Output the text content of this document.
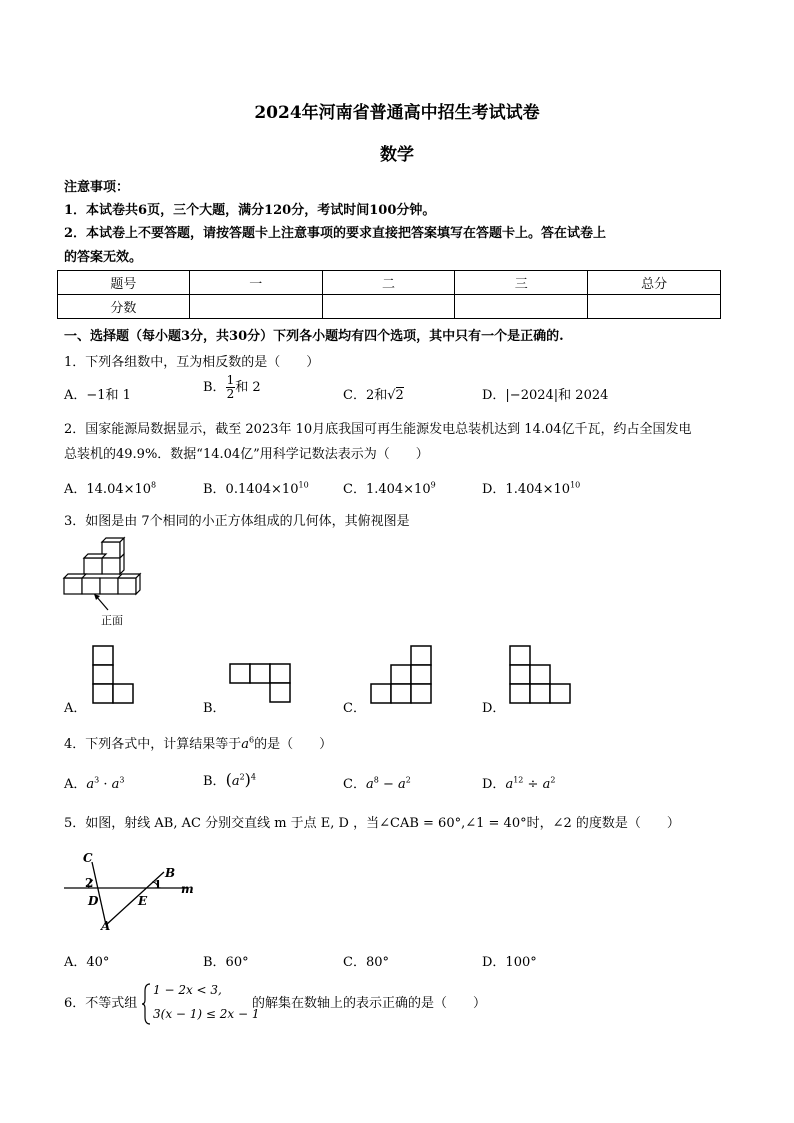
2024年河南省普通高中招生考试试卷
数学
注意事项：
1．本试卷共6页，三个大题，满分120分，考试时间100分钟。
2．本试卷上不要答题，请按答题卡上注意事项的要求直接把答案填写在答题卡上。答在试卷上
的答案无效。
题号	一	二	三	总分
分数				
一、选择题（每小题3分，共30分）下列各小题均有四个选项，其中只有一个是正确的.
1．下列各组数中，互为相反数的是（　　）
A．−1和 1
B． $\frac{1}{2}$ 和 2
C．2和√2	D．|−2024|和 2024
2．国家能源局数据显示，截至 2023年 10月底我国可再生能源发电总装机达到 14.04亿千瓦，约占全国发电
总装机的49.9%．数据“14.04亿”用科学记数法表示为（　　）
A．$14.04\times 10^8$	B．$0.1404\times 10^{10}$	C．$1.404\times 10^9$	D．$1.404\times 10^{10}$
3．如图是由 7个相同的小正方体组成的几何体，其俯视图是
正面
A．	B．	C．	D．
4．下列各式中，计算结果等于$a^6$的是（　　）
A．$a^3 \cdot a^3$	B．$(a^2)^4$	C．$a^8 - a^2$	D．$a^{12} \div a^2$
5．如图，射线 AB, AC 分别交直线 m 于点 E, D ，当∠CAB = 60°,∠1 = 40°时，∠2 的度数是（　　）
C
B
2	1 m
D	E
A
A．40°	B．60°	C．80°	D．100°
6．不等式组
1 − 2x < 3,
3(x − 1) ≤ 2x − 1
的解集在数轴上的表示正确的是（　　）
